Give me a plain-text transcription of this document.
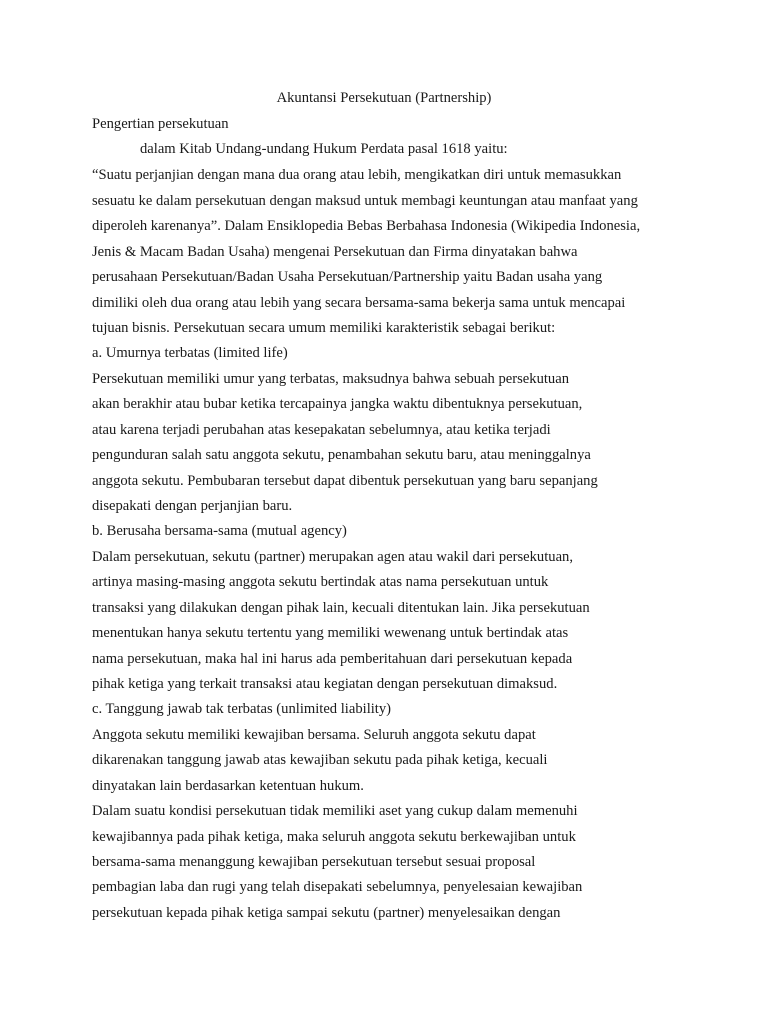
Akuntansi Persekutuan (Partnership)

Pengertian persekutuan

dalam Kitab Undang-undang Hukum Perdata pasal 1618 yaitu:

“Suatu perjanjian dengan mana dua orang atau lebih, mengikatkan diri untuk memasukkan

sesuatu ke dalam persekutuan dengan maksud untuk membagi keuntungan atau manfaat yang

diperoleh karenanya”. Dalam Ensiklopedia Bebas Berbahasa Indonesia (Wikipedia Indonesia,

Jenis & Macam Badan Usaha) mengenai Persekutuan dan Firma dinyatakan bahwa

perusahaan Persekutuan/Badan Usaha Persekutuan/Partnership yaitu Badan usaha yang

dimiliki oleh dua orang atau lebih yang secara bersama-sama bekerja sama untuk mencapai

tujuan bisnis. Persekutuan secara umum memiliki karakteristik sebagai berikut:

a. Umurnya terbatas (limited life)

Persekutuan memiliki umur yang terbatas, maksudnya bahwa sebuah persekutuan

akan berakhir atau bubar ketika tercapainya jangka waktu dibentuknya persekutuan,

atau karena terjadi perubahan atas kesepakatan sebelumnya, atau ketika terjadi

pengunduran salah satu anggota sekutu, penambahan sekutu baru, atau meninggalnya

anggota sekutu. Pembubaran tersebut dapat dibentuk persekutuan yang baru sepanjang

disepakati dengan perjanjian baru.

b. Berusaha bersama-sama (mutual agency)

Dalam persekutuan, sekutu (partner) merupakan agen atau wakil dari persekutuan,

artinya masing-masing anggota sekutu bertindak atas nama persekutuan untuk

transaksi yang dilakukan dengan pihak lain, kecuali ditentukan lain. Jika persekutuan

menentukan hanya sekutu tertentu yang memiliki wewenang untuk bertindak atas

nama persekutuan, maka hal ini harus ada pemberitahuan dari persekutuan kepada

pihak ketiga yang terkait transaksi atau kegiatan dengan persekutuan dimaksud.

c. Tanggung jawab tak terbatas (unlimited liability)

Anggota sekutu memiliki kewajiban bersama. Seluruh anggota sekutu dapat

dikarenakan tanggung jawab atas kewajiban sekutu pada pihak ketiga, kecuali

dinyatakan lain berdasarkan ketentuan hukum.

Dalam suatu kondisi persekutuan tidak memiliki aset yang cukup dalam memenuhi

kewajibannya pada pihak ketiga, maka seluruh anggota sekutu berkewajiban untuk

bersama-sama menanggung kewajiban persekutuan tersebut sesuai proposal

pembagian laba dan rugi yang telah disepakati sebelumnya, penyelesaian kewajiban

persekutuan kepada pihak ketiga sampai sekutu (partner) menyelesaikan dengan
